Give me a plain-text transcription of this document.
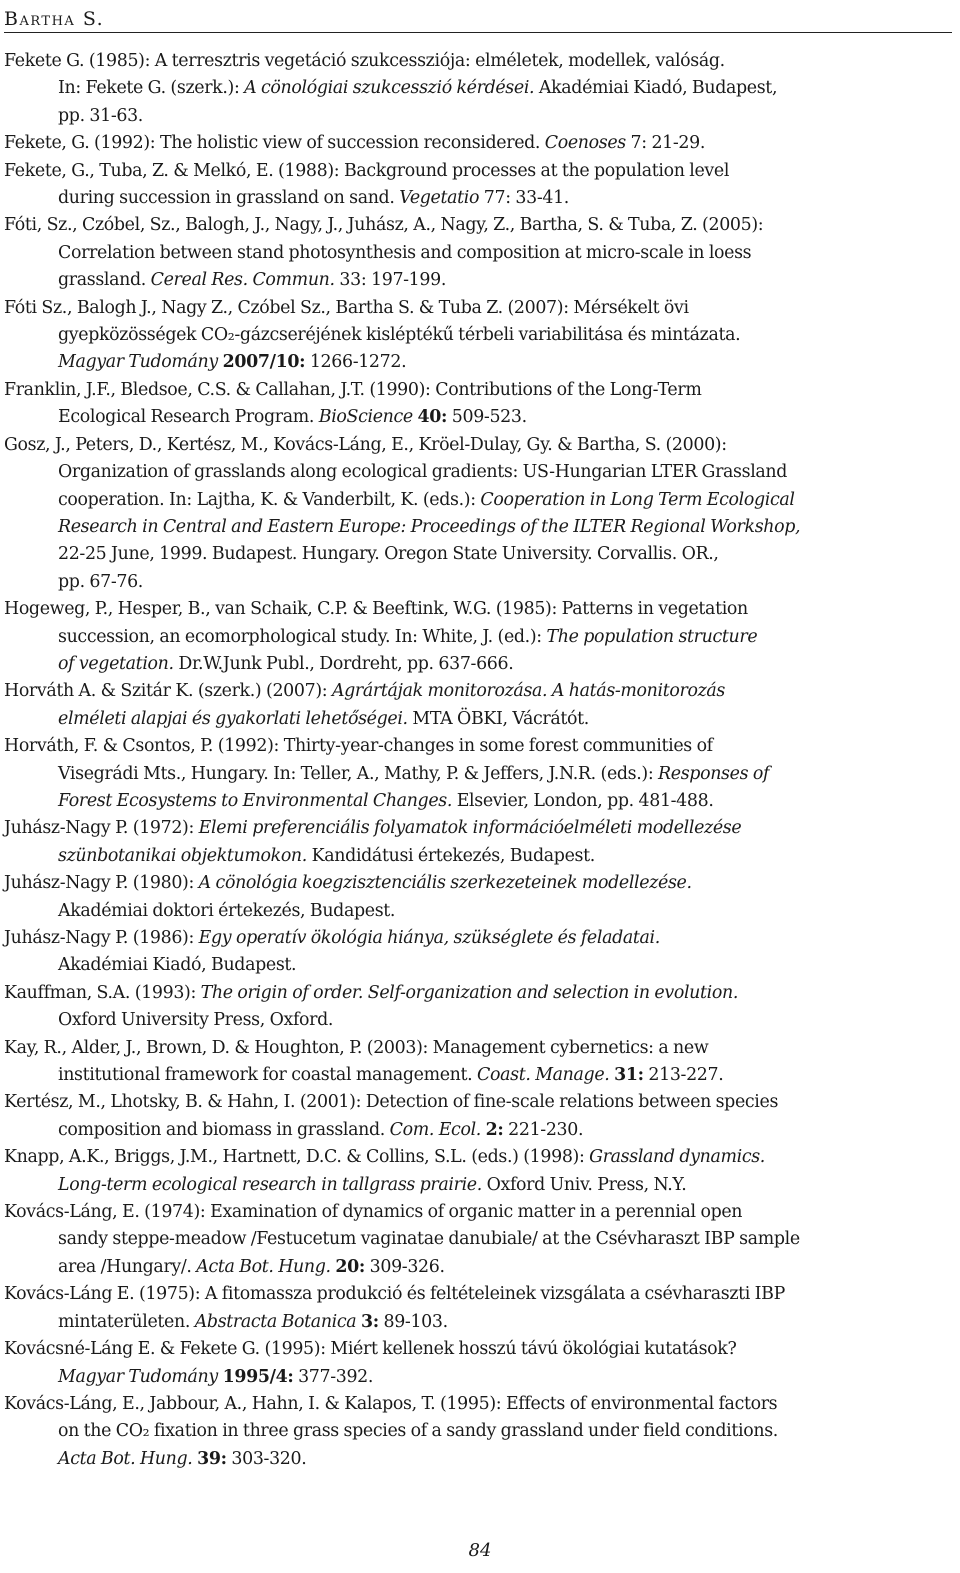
Bartha S.

Fekete G. (1985): A terresztris vegetáció szukcessziója: elméletek, modellek, valóság.
In: Fekete G. (szerk.): A cönológiai szukcesszió kérdései. Akadémiai Kiadó, Budapest,
pp. 31-63.

Fekete, G. (1992): The holistic view of succession reconsidered. Coenoses 7: 21-29.

Fekete, G., Tuba, Z. & Melkó, E. (1988): Background processes at the population level
during succession in grassland on sand. Vegetatio 77: 33-41.

Fóti, Sz., Czóbel, Sz., Balogh, J., Nagy, J., Juhász, A., Nagy, Z., Bartha, S. & Tuba, Z. (2005):
Correlation between stand photosynthesis and composition at micro-scale in loess
grassland. Cereal Res. Commun. 33: 197-199.

Fóti Sz., Balogh J., Nagy Z., Czóbel Sz., Bartha S. & Tuba Z. (2007): Mérsékelt övi
gyepközösségek CO₂-gázcseréjének kisléptékű térbeli variabilitása és mintázata.
Magyar Tudomány 2007/10: 1266-1272.

Franklin, J.F., Bledsoe, C.S. & Callahan, J.T. (1990): Contributions of the Long-Term
Ecological Research Program. BioScience 40: 509-523.

Gosz, J., Peters, D., Kertész, M., Kovács-Láng, E., Kröel-Dulay, Gy. & Bartha, S. (2000):
Organization of grasslands along ecological gradients: US-Hungarian LTER Grassland
cooperation. In: Lajtha, K. & Vanderbilt, K. (eds.): Cooperation in Long Term Ecological
Research in Central and Eastern Europe: Proceedings of the ILTER Regional Workshop,
22-25 June, 1999. Budapest. Hungary. Oregon State University. Corvallis. OR.,
pp. 67-76.

Hogeweg, P., Hesper, B., van Schaik, C.P. & Beeftink, W.G. (1985): Patterns in vegetation
succession, an ecomorphological study. In: White, J. (ed.): The population structure
of vegetation. Dr.W.Junk Publ., Dordreht, pp. 637-666.

Horváth A. & Szitár K. (szerk.) (2007): Agrártájak monitorozása. A hatás-monitorozás
elméleti alapjai és gyakorlati lehetőségei. MTA ÖBKI, Vácrátót.

Horváth, F. & Csontos, P. (1992): Thirty-year-changes in some forest communities of
Visegrádi Mts., Hungary. In: Teller, A., Mathy, P. & Jeffers, J.N.R. (eds.): Responses of
Forest Ecosystems to Environmental Changes. Elsevier, London, pp. 481-488.

Juhász-Nagy P. (1972): Elemi preferenciális folyamatok információelméleti modellezése
szünbotanikai objektumokon. Kandidátusi értekezés, Budapest.

Juhász-Nagy P. (1980): A cönológia koegzisztenciális szerkezeteinek modellezése.
Akadémiai doktori értekezés, Budapest.

Juhász-Nagy P. (1986): Egy operatív ökológia hiánya, szükséglete és feladatai.
Akadémiai Kiadó, Budapest.

Kauffman, S.A. (1993): The origin of order. Self-organization and selection in evolution.
Oxford University Press, Oxford.

Kay, R., Alder, J., Brown, D. & Houghton, P. (2003): Management cybernetics: a new
institutional framework for coastal management. Coast. Manage. 31: 213-227.

Kertész, M., Lhotsky, B. & Hahn, I. (2001): Detection of fine-scale relations between species
composition and biomass in grassland. Com. Ecol. 2: 221-230.

Knapp, A.K., Briggs, J.M., Hartnett, D.C. & Collins, S.L. (eds.) (1998): Grassland dynamics.
Long-term ecological research in tallgrass prairie. Oxford Univ. Press, N.Y.

Kovács-Láng, E. (1974): Examination of dynamics of organic matter in a perennial open
sandy steppe-meadow /Festucetum vaginatae danubiale/ at the Csévharaszt IBP sample
area /Hungary/. Acta Bot. Hung. 20: 309-326.

Kovács-Láng E. (1975): A fitomassza produkció és feltételeinek vizsgálata a csévharaszti IBP
mintaterületen. Abstracta Botanica 3: 89-103.

Kovácsné-Láng E. & Fekete G. (1995): Miért kellenek hosszú távú ökológiai kutatások?
Magyar Tudomány 1995/4: 377-392.

Kovács-Láng, E., Jabbour, A., Hahn, I. & Kalapos, T. (1995): Effects of environmental factors
on the CO₂ fixation in three grass species of a sandy grassland under field conditions.
Acta Bot. Hung. 39: 303-320.

84
